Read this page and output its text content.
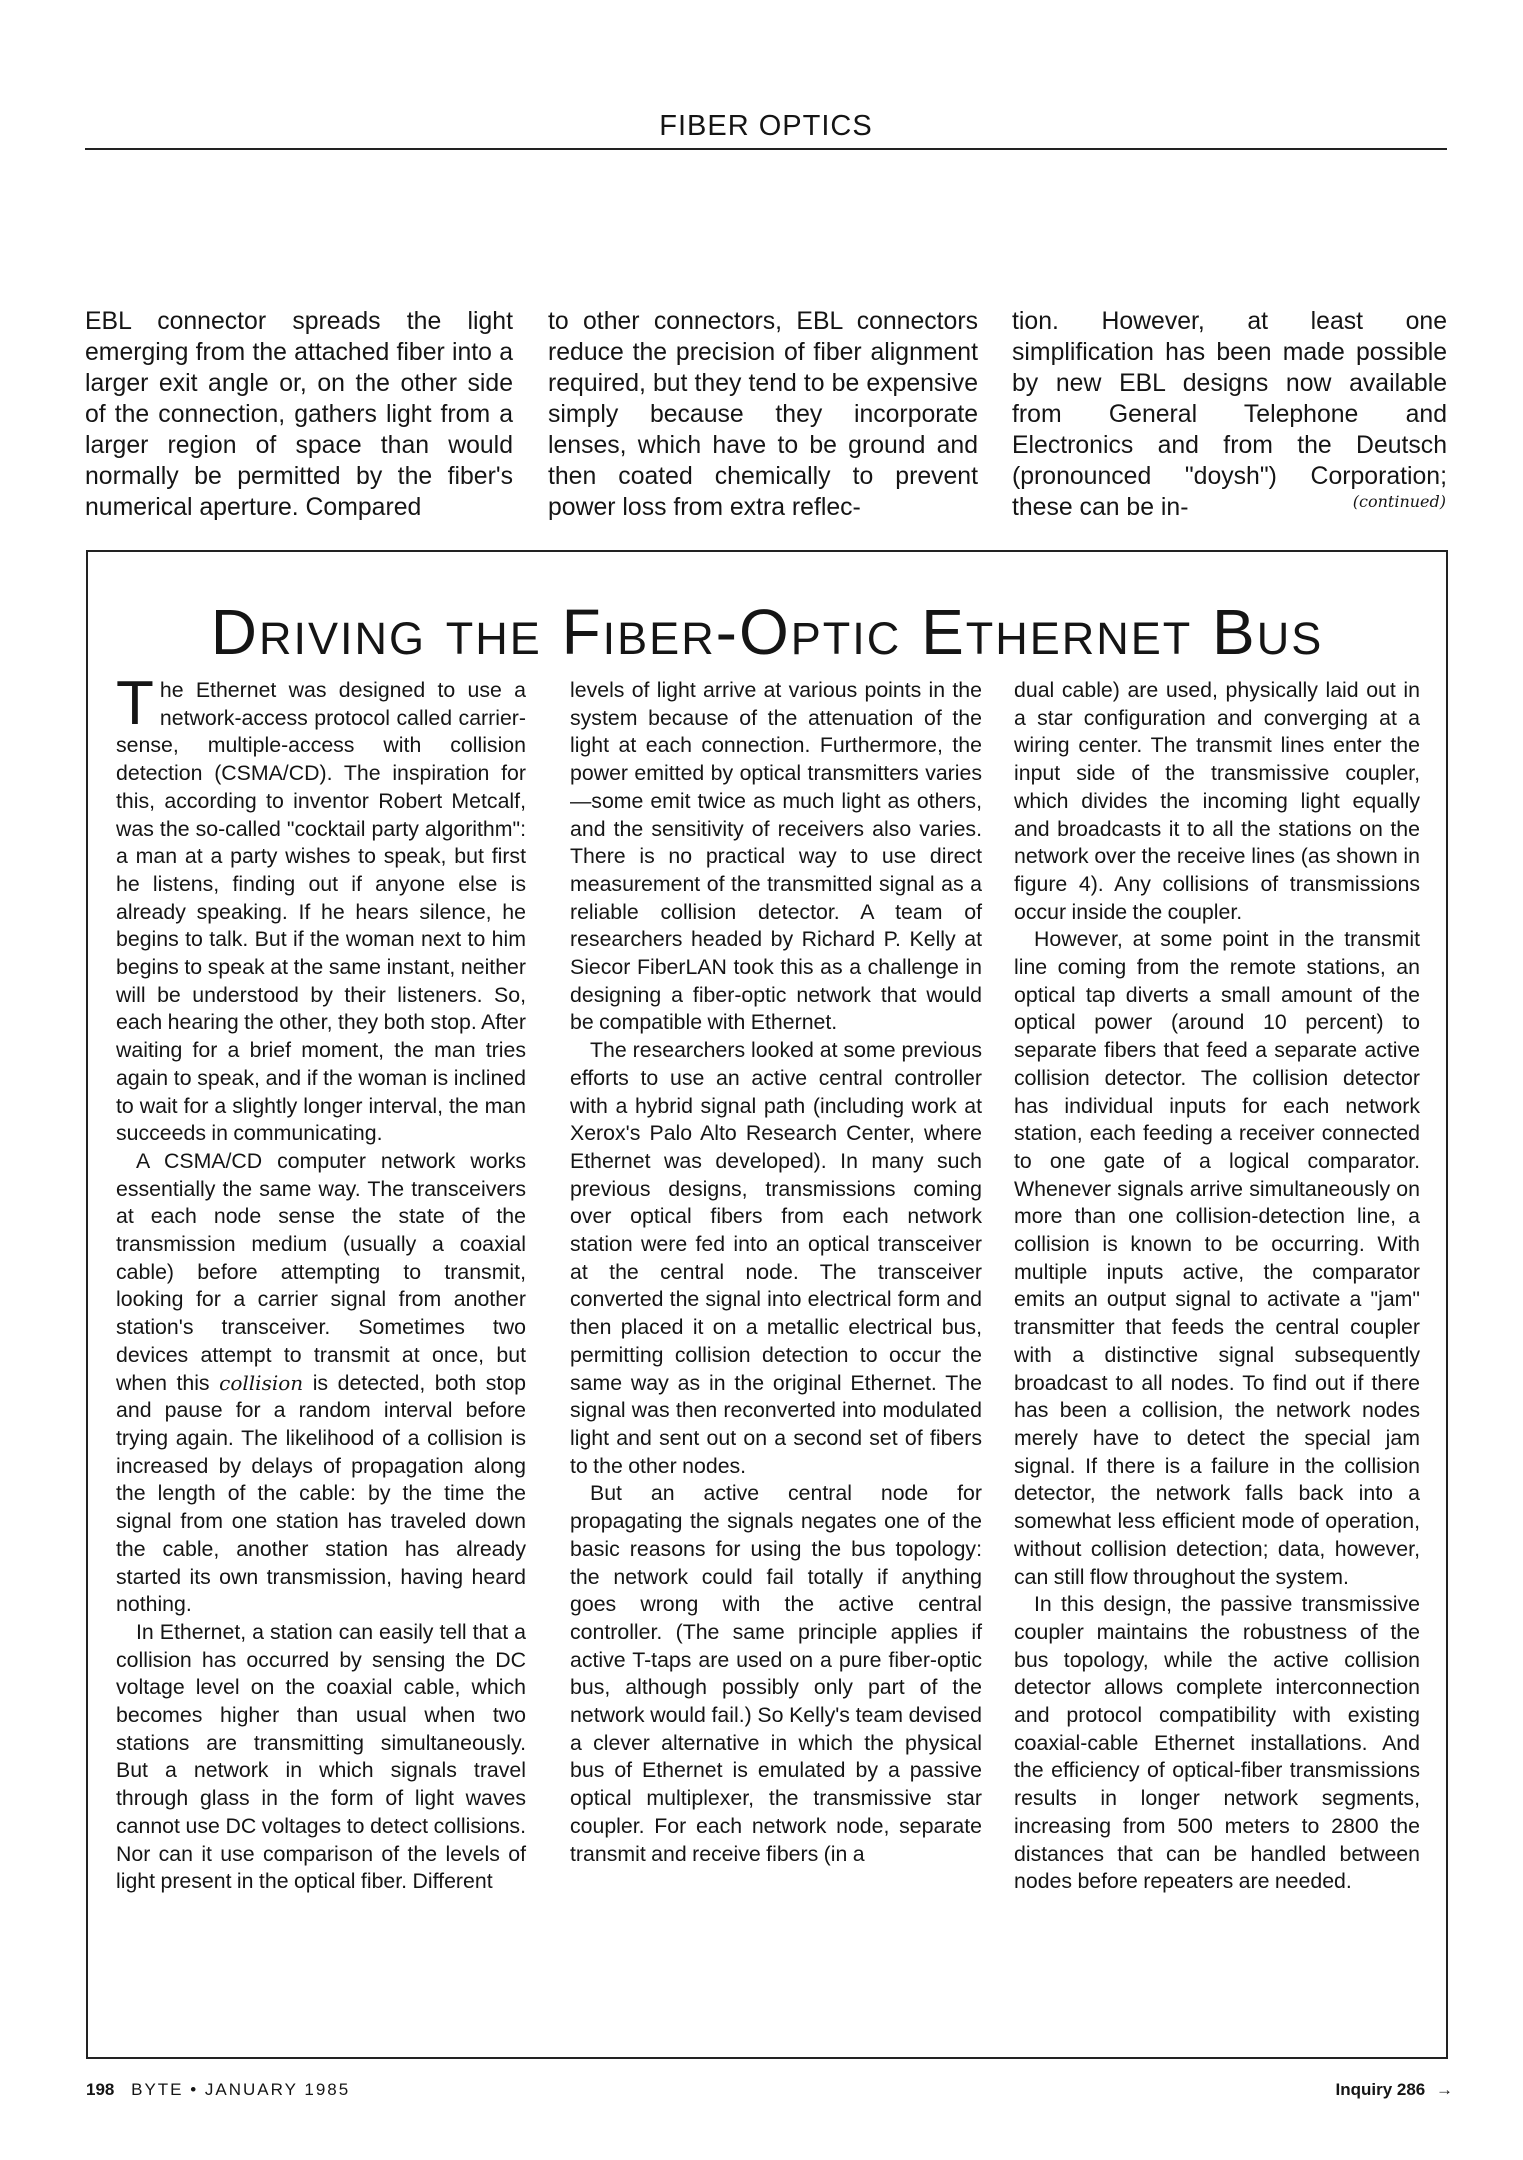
FIBER OPTICS
EBL connector spreads the light emerging from the attached fiber into a larger exit angle or, on the other side of the connection, gathers light from a larger region of space than would normally be permitted by the fiber's numerical aperture. Compared
to other connectors, EBL connectors reduce the precision of fiber alignment required, but they tend to be expensive simply because they incorporate lenses, which have to be ground and then coated chemically to prevent power loss from extra reflec-
tion. However, at least one simplification has been made possible by new EBL designs now available from General Telephone and Electronics and from the Deutsch (pronounced "doysh") Corporation; these can be in-	(continued)
Driving the Fiber-Optic Ethernet Bus

The Ethernet was designed to use a network-access protocol called carrier-sense, multiple-access with collision detection (CSMA/CD). The inspiration for this, according to inventor Robert Metcalf, was the so-called "cocktail party algorithm": a man at a party wishes to speak, but first he listens, finding out if anyone else is already speaking. If he hears silence, he begins to talk. But if the woman next to him begins to speak at the same instant, neither will be understood by their listeners. So, each hearing the other, they both stop. After waiting for a brief moment, the man tries again to speak, and if the woman is inclined to wait for a slightly longer interval, the man succeeds in communicating.

A CSMA/CD computer network works essentially the same way. The transceivers at each node sense the state of the transmission medium (usually a coaxial cable) before attempting to transmit, looking for a carrier signal from another station's transceiver. Sometimes two devices attempt to transmit at once, but when this collision is detected, both stop and pause for a random interval before trying again. The likelihood of a collision is increased by delays of propagation along the length of the cable: by the time the signal from one station has traveled down the cable, another station has already started its own transmission, having heard nothing.

In Ethernet, a station can easily tell that a collision has occurred by sensing the DC voltage level on the coaxial cable, which becomes higher than usual when two stations are transmitting simultaneously. But a network in which signals travel through glass in the form of light waves cannot use DC voltages to detect collisions. Nor can it use comparison of the levels of light present in the optical fiber. Different

levels of light arrive at various points in the system because of the attenuation of the light at each connection. Furthermore, the power emitted by optical transmitters varies—some emit twice as much light as others, and the sensitivity of receivers also varies. There is no practical way to use direct measurement of the transmitted signal as a reliable collision detector. A team of researchers headed by Richard P. Kelly at Siecor FiberLAN took this as a challenge in designing a fiber-optic network that would be compatible with Ethernet.

The researchers looked at some previous efforts to use an active central controller with a hybrid signal path (including work at Xerox's Palo Alto Research Center, where Ethernet was developed). In many such previous designs, transmissions coming over optical fibers from each network station were fed into an optical transceiver at the central node. The transceiver converted the signal into electrical form and then placed it on a metallic electrical bus, permitting collision detection to occur the same way as in the original Ethernet. The signal was then reconverted into modulated light and sent out on a second set of fibers to the other nodes.

But an active central node for propagating the signals negates one of the basic reasons for using the bus topology: the network could fail totally if anything goes wrong with the active central controller. (The same principle applies if active T-taps are used on a pure fiber-optic bus, although possibly only part of the network would fail.) So Kelly's team devised a clever alternative in which the physical bus of Ethernet is emulated by a passive optical multiplexer, the transmissive star coupler. For each network node, separate transmit and receive fibers (in a

dual cable) are used, physically laid out in a star configuration and converging at a wiring center. The transmit lines enter the input side of the transmissive coupler, which divides the incoming light equally and broadcasts it to all the stations on the network over the receive lines (as shown in figure 4). Any collisions of transmissions occur inside the coupler.

However, at some point in the transmit line coming from the remote stations, an optical tap diverts a small amount of the optical power (around 10 percent) to separate fibers that feed a separate active collision detector. The collision detector has individual inputs for each network station, each feeding a receiver connected to one gate of a logical comparator. Whenever signals arrive simultaneously on more than one collision-detection line, a collision is known to be occurring. With multiple inputs active, the comparator emits an output signal to activate a "jam" transmitter that feeds the central coupler with a distinctive signal subsequently broadcast to all nodes. To find out if there has been a collision, the network nodes merely have to detect the special jam signal. If there is a failure in the collision detector, the network falls back into a somewhat less efficient mode of operation, without collision detection; data, however, can still flow throughout the system.

In this design, the passive transmissive coupler maintains the robustness of the bus topology, while the active collision detector allows complete interconnection and protocol compatibility with existing coaxial-cable Ethernet installations. And the efficiency of optical-fiber transmissions results in longer network segments, increasing from 500 meters to 2800 the distances that can be handled between nodes before repeaters are needed.

198 BYTE • JANUARY 1985	Inquiry 286 →
